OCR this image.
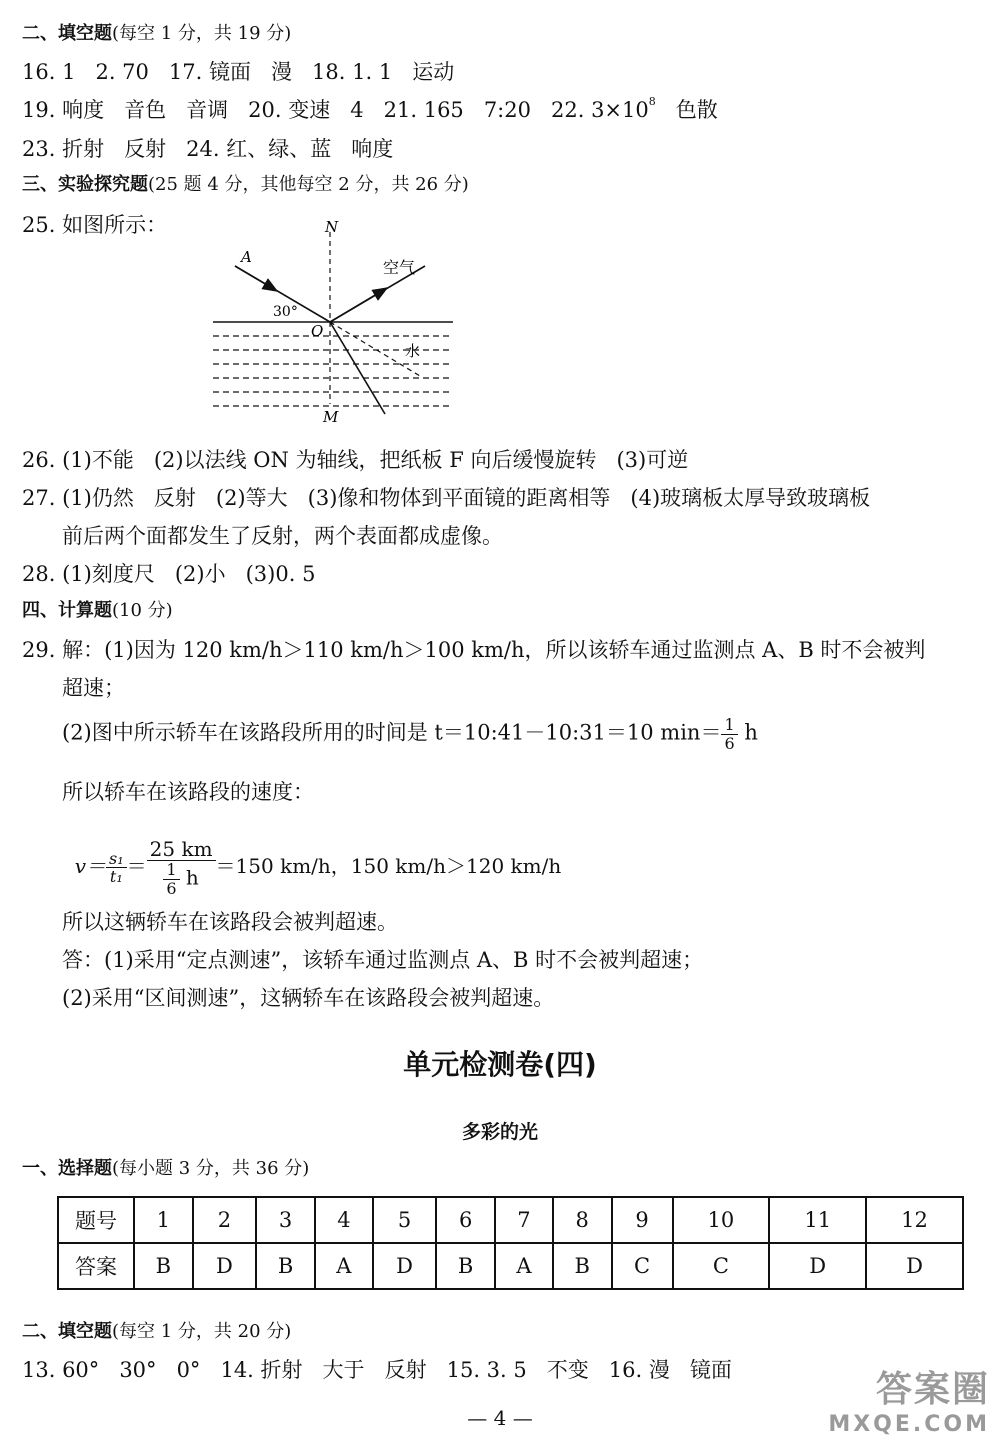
二、填空题(每空 1 分，共 19 分)
16. 1   2. 70   17. 镜面   漫   18. 1. 1   运动
19. 响度   音色   音调   20. 变速   4   21. 165   7:20   22. $3\times 10^8$   色散
23. 折射   反射   24. 红、绿、蓝   响度
三、实验探究题(25 题 4 分，其他每空 2 分，共 26 分)
25. 如图所示：	N
A
空气
30°
O
水
M
26. (1)不能   (2)以法线 ON 为轴线，把纸板 F 向后缓慢旋转   (3)可逆
27. (1)仍然   反射   (2)等大   (3)像和物体到平面镜的距离相等   (4)玻璃板太厚导致玻璃板
前后两个面都发生了反射，两个表面都成虚像。
28. (1)刻度尺   (2)小   (3)0. 5
四、计算题(10 分)
29. 解：(1)因为 120 km/h＞110 km/h＞100 km/h，所以该轿车通过监测点 A、B 时不会被判
超速；
(2)图中所示轿车在该路段所用的时间是 t＝10:41－10:31＝10 $\min= \frac{1}{6}$ h
所以轿车在该路段的速度：

$v= \frac{\text{s₁}}{\text{t₁}} = \frac{25 km}{\frac{1}{6} h} =150$ km/h，150 km/h＞120 km/h

所以这辆轿车在该路段会被判超速。
答：(1)采用“定点测速”，该轿车通过监测点 A、B 时不会被判超速；
(2)采用“区间测速”，这辆轿车在该路段会被判超速。
单元检测卷(四)
多彩的光
一、选择题(每小题 3 分，共 36 分)
题号	1	2	3	4	5	6	7	8	9	10	11	12
答案	B	D	B	A	D	B	A	B	C	C	D	D
二、填空题(每空 1 分，共 20 分)
13. 60°   30°   0°   14. 折射   大于   反射   15. 3. 5   不变   16. 漫   镜面
— 4 —
答案圈
MXQE.COM
